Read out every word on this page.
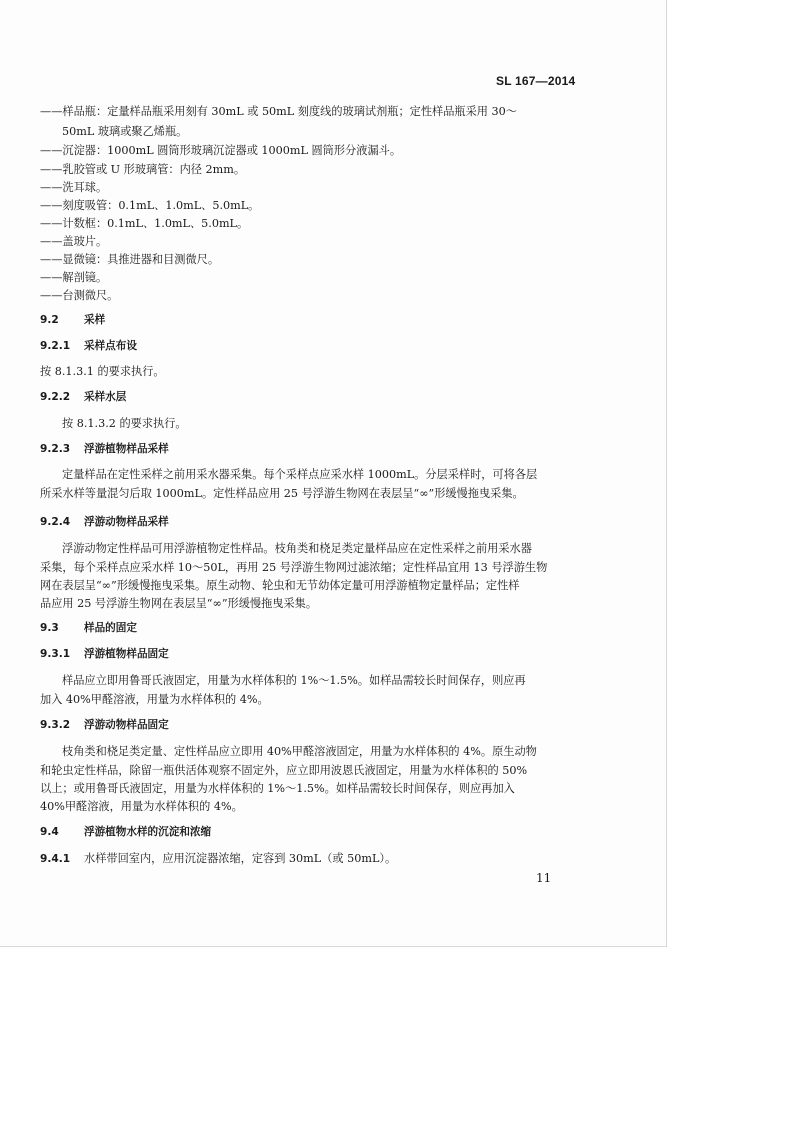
SL 167—2014
——样品瓶：定量样品瓶采用刻有 30mL 或 50mL 刻度线的玻璃试剂瓶；定性样品瓶采用 30～
50mL 玻璃或聚乙烯瓶。
——沉淀器：1000mL 圆筒形玻璃沉淀器或 1000mL 圆筒形分液漏斗。
——乳胶管或 U 形玻璃管：内径 2mm。
——洗耳球。
——刻度吸管：0.1mL、1.0mL、5.0mL。
——计数框：0.1mL、1.0mL、5.0mL。
——盖玻片。
——显微镜：具推进器和目测微尺。
——解剖镜。
——台测微尺。
9.2 采样
9.2.1 采样点布设
按 8.1.3.1 的要求执行。
9.2.2 采样水层
按 8.1.3.2 的要求执行。
9.2.3 浮游植物样品采样
定量样品在定性采样之前用采水器采集。每个采样点应采水样 1000mL。分层采样时，可将各层
所采水样等量混匀后取 1000mL。定性样品应用 25 号浮游生物网在表层呈“∞”形缓慢拖曳采集。
9.2.4 浮游动物样品采样
浮游动物定性样品可用浮游植物定性样品。枝角类和桡足类定量样品应在定性采样之前用采水器
采集，每个采样点应采水样 10～50L，再用 25 号浮游生物网过滤浓缩；定性样品宜用 13 号浮游生物
网在表层呈“∞”形缓慢拖曳采集。原生动物、轮虫和无节幼体定量可用浮游植物定量样品；定性样
品应用 25 号浮游生物网在表层呈“∞”形缓慢拖曳采集。
9.3 样品的固定
9.3.1 浮游植物样品固定
样品应立即用鲁哥氏液固定，用量为水样体积的 1%～1.5%。如样品需较长时间保存，则应再
加入 40%甲醛溶液，用量为水样体积的 4%。
9.3.2 浮游动物样品固定
枝角类和桡足类定量、定性样品应立即用 40%甲醛溶液固定，用量为水样体积的 4%。原生动物
和轮虫定性样品，除留一瓶供活体观察不固定外，应立即用波恩氏液固定，用量为水样体积的 50%
以上；或用鲁哥氏液固定，用量为水样体积的 1%～1.5%。如样品需较长时间保存，则应再加入
40%甲醛溶液，用量为水样体积的 4%。
9.4 浮游植物水样的沉淀和浓缩
9.4.1 水样带回室内，应用沉淀器浓缩，定容到 30mL（或 50mL）。
11
